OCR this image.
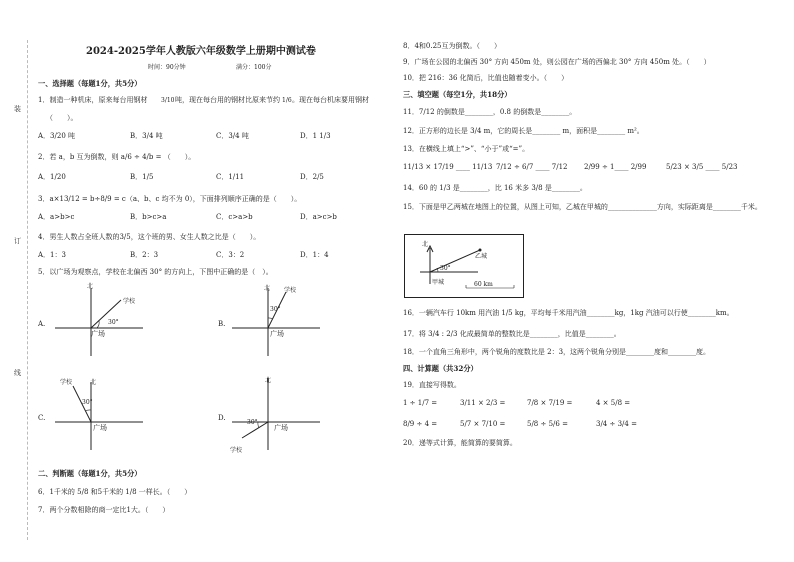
装
订
线
2024-2025学年人教版六年级数学上册期中测试卷
时间：90分钟	满分：100分
一、选择题（每题1分，共5分）
1．制造一种机床，原来每台用钢材 3/10 吨，现在每台用的钢材比原来节约 1/6 。现在每台机床要用钢材
（　　）。
A．3/20 吨	B．3/4 吨	C．3/4 吨	D．1 1/3
2．若 a，b 互为倒数，则 a/6 ÷ 4/b = （　　）。
A．1/20	B．1/5	C．1/11	D．2/5
3．a×13/12 = b÷8/9 = c（a、b、c 均不为 0），下面排列顺序正确的是（　　）。
A．a>b>c	B．b>c>a	C．c>a>b	D．a>c>b
4．男生人数占全班人数的3/5，这个班的男、女生人数之比是（　　）。
A．1：3	B．2：3	C．3：2	D．1：4
5．以广场为观察点，学校在北偏西 30° 的方向上，下图中正确的是（　）。
A.
北
学校
30°
广场
B.
北 学校
30°
广场
C.
北
学校
30°
广场
D.
北
30°
广场
学校
二、判断题（每题1分，共5分）
6．1千米的 5/8 和5千米的 1/8 一样长。（　　）
7．两个分数相除的商一定比1大。（　　）
8．4和0.25互为倒数。（　　）
9．广场在公园的北偏西 30° 方向 450m 处，则公园在广场的西偏北 30° 方向 450m 处。（　　）
10．把 216：36 化简后，比值也随着变小。（　　）
三、填空题（每空1分，共18分）
11．7/12 的倒数是________，0.8 的倒数是________。
12．正方形的边长是 3/4 m，它的周长是________ m，面积是________ m²。
13．在横线上填上“>”、“小于”或“=”。
11/13 × 17/19 ____ 11/13 7/12 ÷ 6/7 ____ 7/12 2/99 ÷ 1____ 2/99	5/23 × 3/5 ____ 5/23
14．60 的 1/3 是________，比 16 米多 3/8 是________。
15．下面是甲乙两城在地图上的位置，从图上可知，乙城在甲城的______________方向，实际距离是________千米。
北
乙城
30°
甲城	60 km
16．一辆汽车行 10km 用汽油 1/5 kg，平均每千米用汽油________kg，1kg 汽油可以行使________km。
17．将 3/4 : 2/3 化成最简单的整数比是________，比值是________。
18．一个直角三角形中，两个锐角的度数比是 2：3，这两个锐角分别是________度和________度。
四、计算题（共32分）
19．直接写得数。
1 ÷ 1/7 =	3/11 × 2/3 =	7/8 × 7/19 =	4 × 5/8 =
8/9 ÷ 4 =	5/7 × 7/10 =	5/8 ÷ 5/6 =	3/4 ÷ 3/4 =
20．递等式计算，能简算的要简算。
